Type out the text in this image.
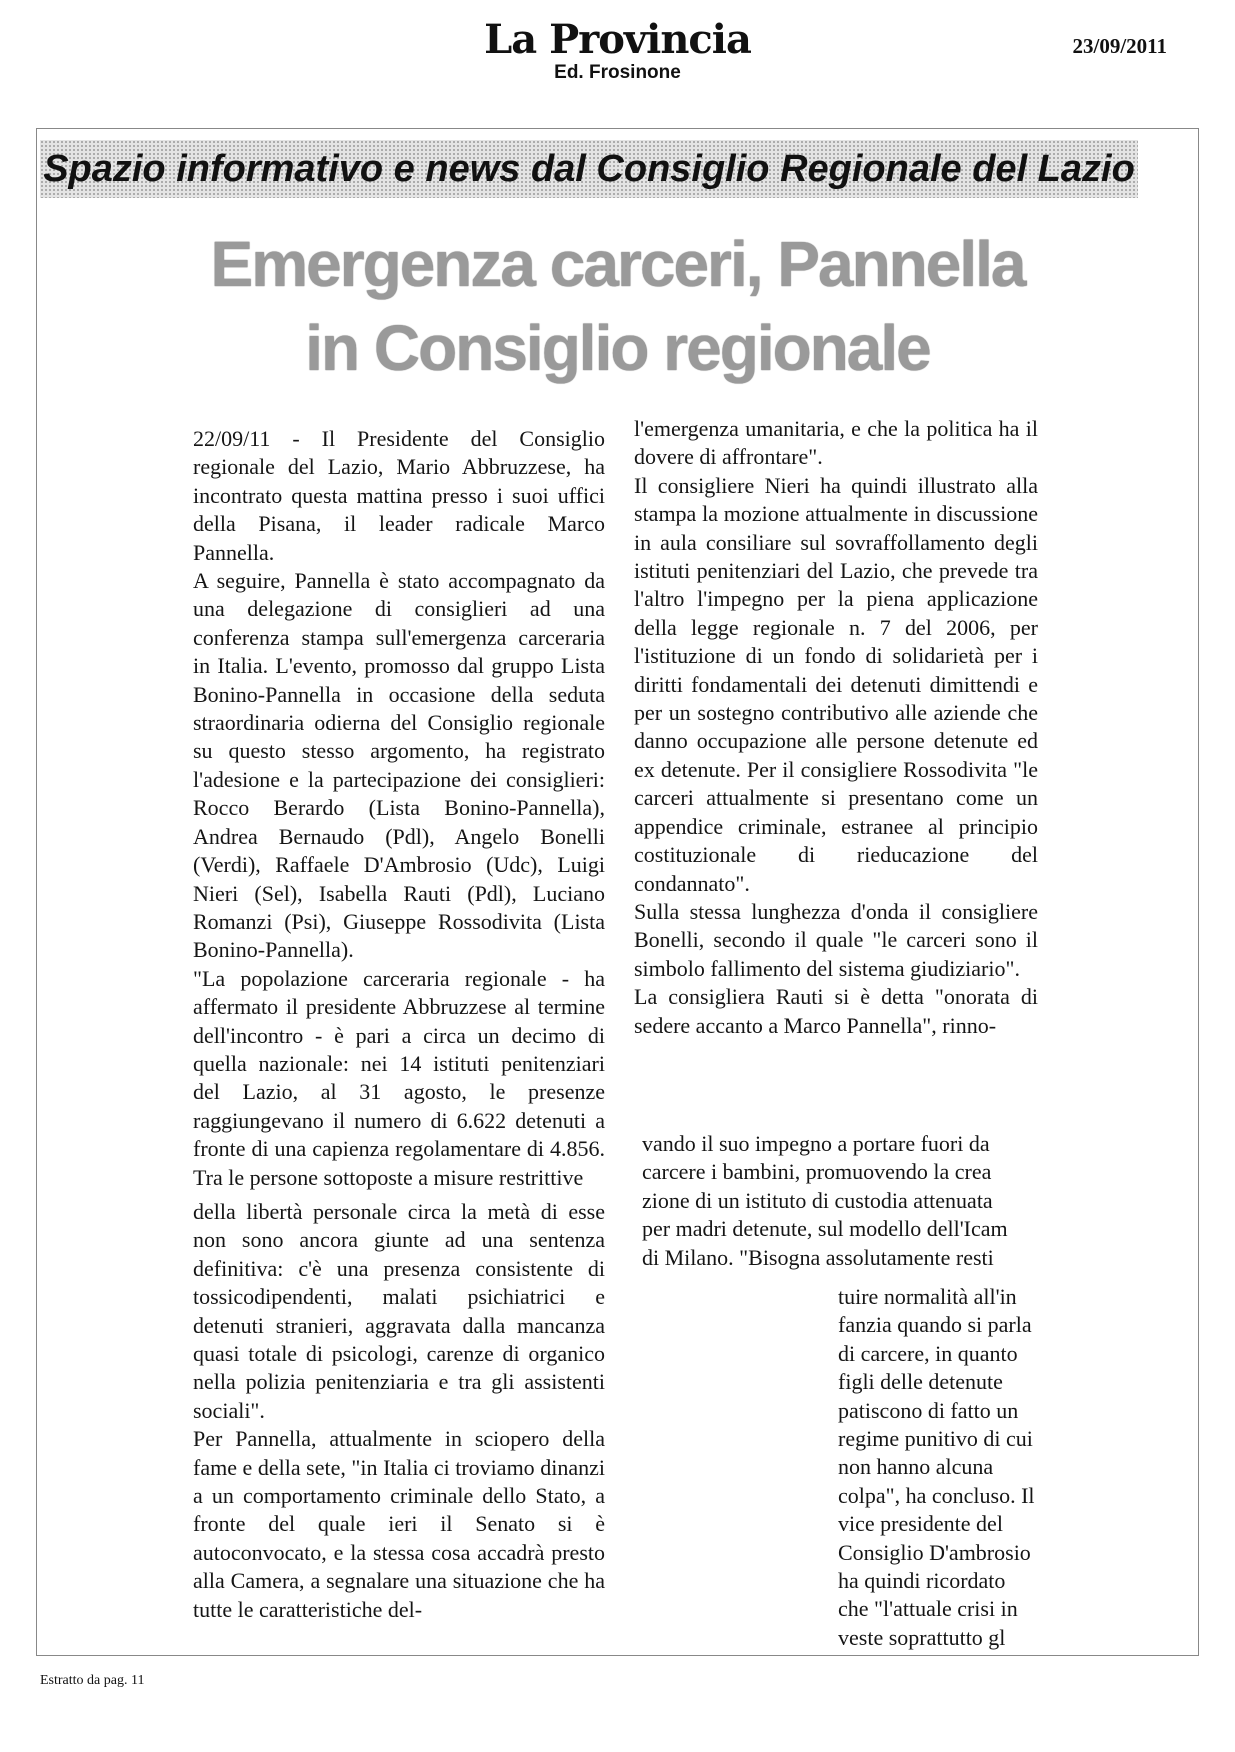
La Provincia
Ed. Frosinone
23/09/2011
Spazio informativo e news dal Consiglio Regionale del Lazio
Emergenza carceri, Pannella
in Consiglio regionale

22/09/11 - Il Presidente del Consiglio regionale del Lazio, Mario Abbruzzese, ha incontrato questa mattina presso i suoi uffici della Pisana, il leader radicale Marco Pannella.

A seguire, Pannella è stato accompagnato da una delegazione di consiglieri ad una conferenza stampa sull'emergenza carceraria in Italia. L'evento, promosso dal gruppo Lista Bonino-Pannella in occasione della seduta straordinaria odierna del Consiglio regionale su questo stesso argomento, ha registrato l'adesione e la partecipazione dei consiglieri: Rocco Berardo (Lista Bonino-Pannella), Andrea Bernaudo (Pdl), Angelo Bonelli (Verdi), Raffaele D'Ambrosio (Udc), Luigi Nieri (Sel), Isabella Rauti (Pdl), Luciano Romanzi (Psi), Giuseppe Rossodivita (Lista Bonino-Pannella).

"La popolazione carceraria regionale - ha affermato il presidente Abbruzzese al termine dell'incontro - è pari a circa un decimo di quella nazionale: nei 14 istituti penitenziari del Lazio, al 31 agosto, le presenze raggiungevano il numero di 6.622 detenuti a fronte di una capienza regolamentare di 4.856. Tra le persone sottoposte a misure restrittive

della libertà personale circa la metà di esse non sono ancora giunte ad una sentenza definitiva: c'è una presenza consistente di tossicodipendenti, malati psichiatrici e detenuti stranieri, aggravata dalla mancanza quasi totale di psicologi, carenze di organico nella polizia penitenziaria e tra gli assistenti sociali".

Per Pannella, attualmente in sciopero della fame e della sete, "in Italia ci troviamo dinanzi a un comportamento criminale dello Stato, a fronte del quale ieri il Senato si è autoconvocato, e la stessa cosa accadrà presto alla Camera, a segnalare una situazione che ha tutte le caratteristiche del-

l'emergenza umanitaria, e che la politica ha il dovere di affrontare".

Il consigliere Nieri ha quindi illustrato alla stampa la mozione attualmente in discussione in aula consiliare sul sovraffollamento degli istituti penitenziari del Lazio, che prevede tra l'altro l'impegno per la piena applicazione della legge regionale n. 7 del 2006, per l'istituzione di un fondo di solidarietà per i diritti fondamentali dei detenuti dimittendi e per un sostegno contributivo alle aziende che danno occupazione alle persone detenute ed ex detenute. Per il consigliere Rossodivita "le carceri attualmente si presentano come un appendice criminale, estranee al principio costituzionale di rieducazione del condannato".

Sulla stessa lunghezza d'onda il consigliere Bonelli, secondo il quale "le carceri sono il simbolo fallimento del sistema giudiziario".

La consigliera Rauti si è detta "onorata di sedere accanto a Marco Pannella", rinno-

vando il suo impegno a portare fuori da
carcere i bambini, promuovendo la crea
zione di un istituto di custodia attenuata
per madri detenute, sul modello dell'Icam
di Milano. "Bisogna assolutamente resti
tuire normalità all'in
fanzia quando si parla
di carcere, in quanto
figli delle detenute
patiscono di fatto un
regime punitivo di cui
non hanno alcuna
colpa", ha concluso. Il
vice presidente del
Consiglio D'ambrosio
ha quindi ricordato
che "l'attuale crisi in
veste soprattutto gl
Estratto da pag. 11
